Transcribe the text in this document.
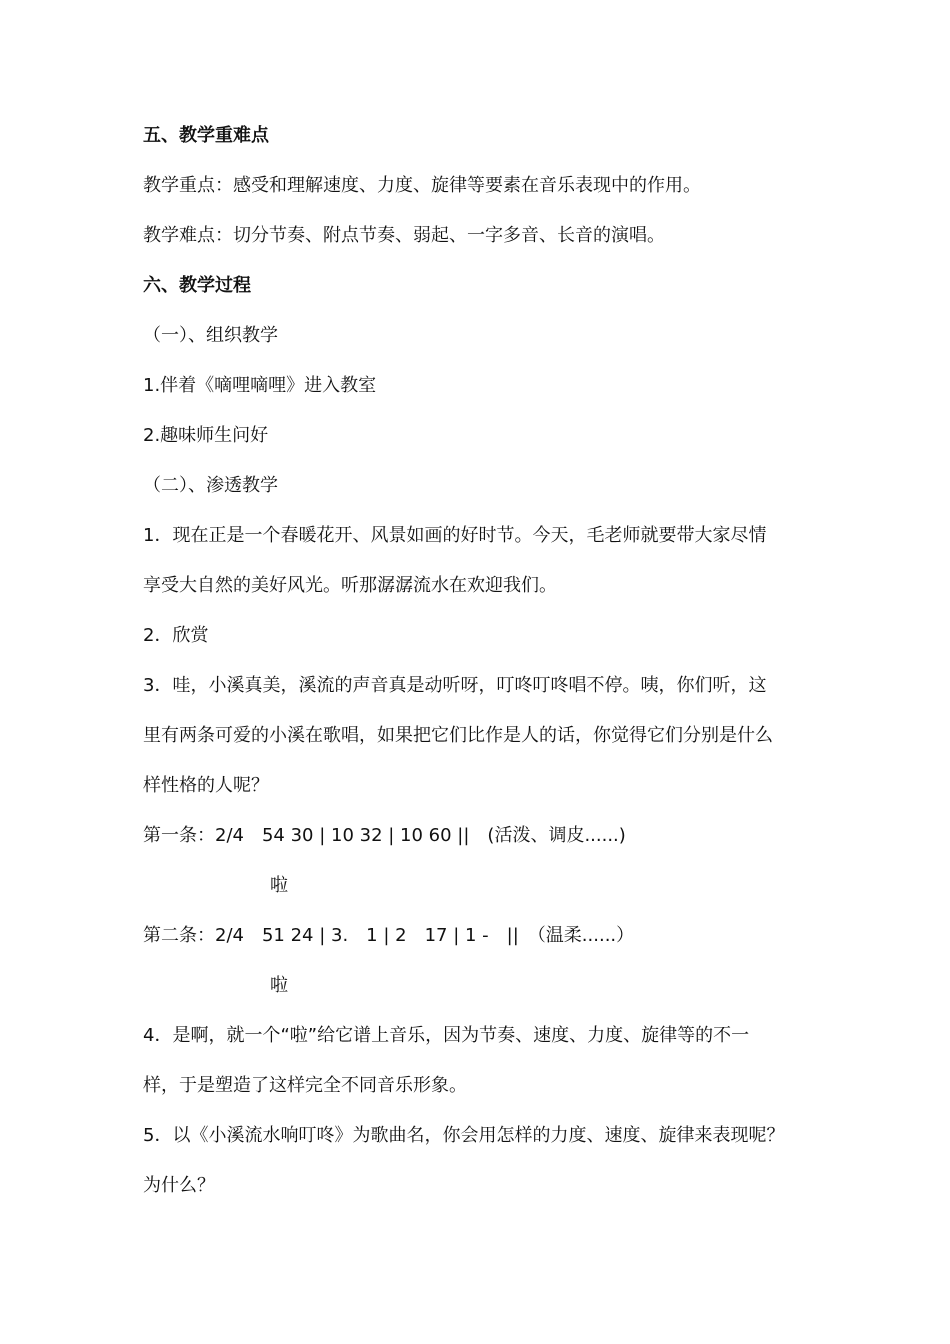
五、教学重难点
教学重点：感受和理解速度、力度、旋律等要素在音乐表现中的作用。
教学难点：切分节奏、附点节奏、弱起、一字多音、长音的演唱。
六、教学过程
（一）、组织教学
1.伴着《嘀哩嘀哩》进入教室
2.趣味师生问好
（二）、渗透教学
1．现在正是一个春暖花开、风景如画的好时节。今天，毛老师就要带大家尽情
享受大自然的美好风光。听那潺潺流水在欢迎我们。
2．欣赏
3．哇，小溪真美，溪流的声音真是动听呀，叮咚叮咚唱不停。咦，你们听，这
里有两条可爱的小溪在歌唱，如果把它们比作是人的话，你觉得它们分别是什么
样性格的人呢？
第一条：2/4　54 30 | 10 32 | 10 60 ||　(活泼、调皮......)
啦
第二条：2/4　51 24 | 3.　1 | 2　17 | 1 -　||　（温柔......）
啦
4．是啊，就一个“啦”给它谱上音乐，因为节奏、速度、力度、旋律等的不一
样，于是塑造了这样完全不同音乐形象。
5．以《小溪流水响叮咚》为歌曲名，你会用怎样的力度、速度、旋律来表现呢？
为什么？
